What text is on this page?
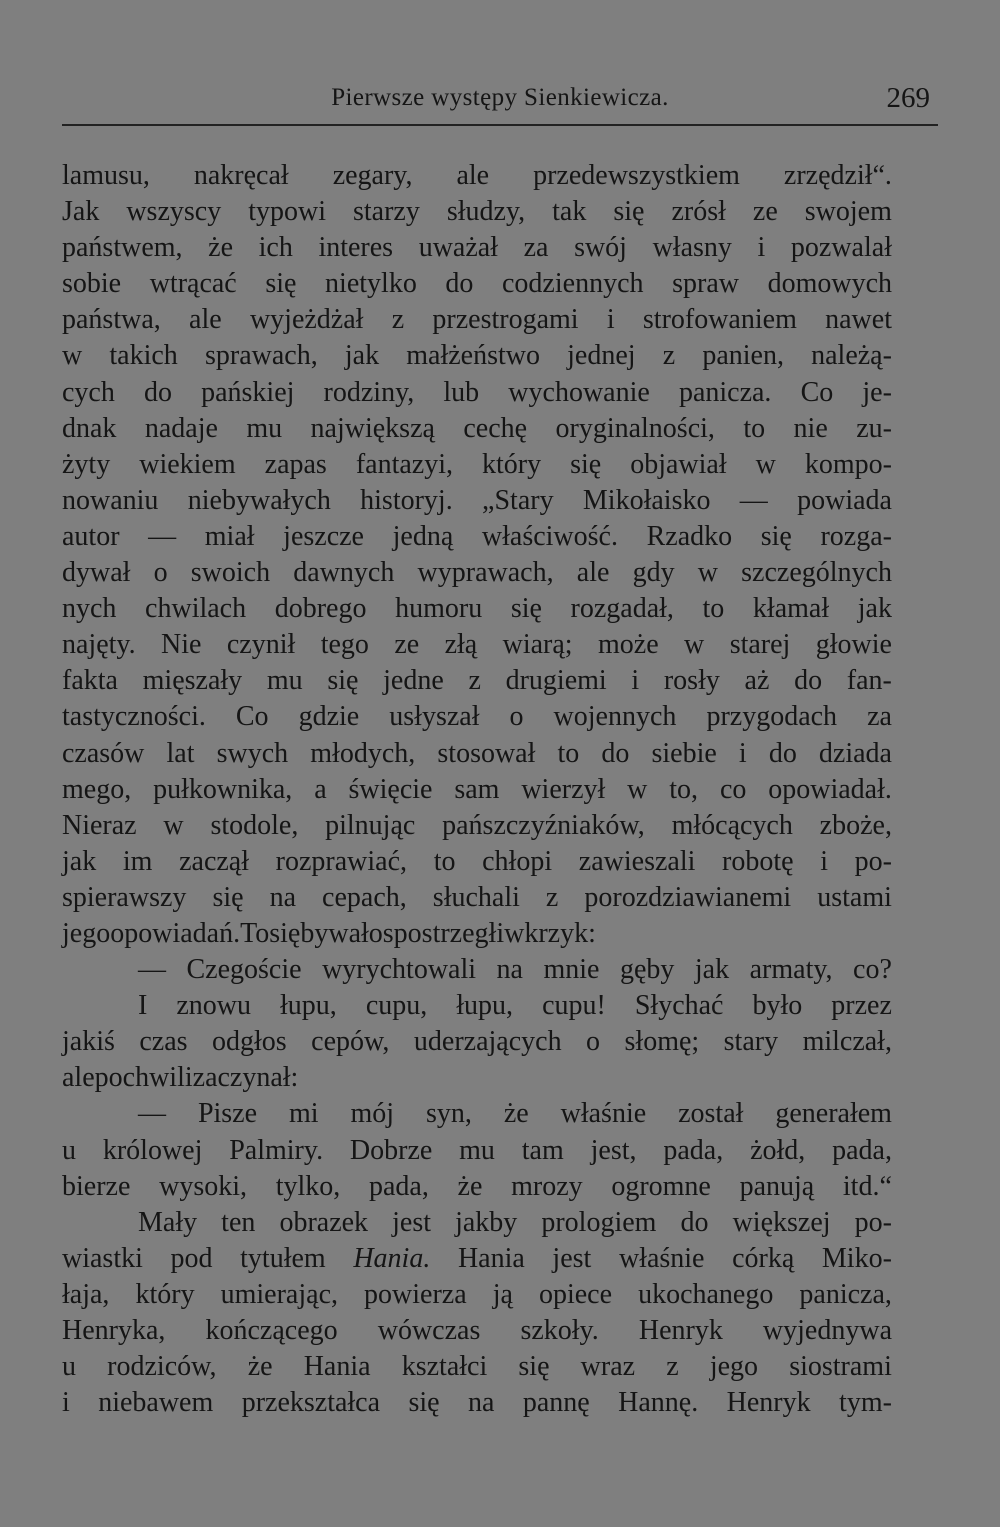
Pierwsze występy Sienkiewicza.	269
lamusu, nakręcał zegary, ale przedewszystkiem zrzędził“.
Jak wszyscy typowi starzy słudzy, tak się zrósł ze swojem
państwem, że ich interes uważał za swój własny i pozwalał
sobie wtrącać się nietylko do codziennych spraw domowych
państwa, ale wyjeżdżał z przestrogami i strofowaniem nawet
w takich sprawach, jak małżeństwo jednej z panien, należą-
cych do pańskiej rodziny, lub wychowanie panicza. Co je-
dnak nadaje mu największą cechę oryginalności, to nie zu-
żyty wiekiem zapas fantazyi, który się objawiał w kompo-
nowaniu niebywałych historyj. „Stary Mikołaisko — powiada
autor — miał jeszcze jedną właściwość. Rzadko się rozga-
dywał o swoich dawnych wyprawach, ale gdy w szczególnych
nych chwilach dobrego humoru się rozgadał, to kłamał jak
najęty. Nie czynił tego ze złą wiarą; może w starej głowie
fakta mięszały mu się jedne z drugiemi i rosły aż do fan-
tastyczności. Co gdzie usłyszał o wojennych przygodach za
czasów lat swych młodych, stosował to do siebie i do dziada
mego, pułkownika, a święcie sam wierzył w to, co opowiadał.
Nieraz w stodole, pilnując pańszczyźniaków, młócących zboże,
jak im zaczął rozprawiać, to chłopi zawieszali robotę i po-
spierawszy się na cepach, słuchali z porozdziawianemi ustami
jego opowiadań. To się bywało spostrzegł i w krzyk:
— Czegoście wyrychtowali na mnie gęby jak armaty, co?
I znowu łupu, cupu, łupu, cupu! Słychać było przez
jakiś czas odgłos cepów, uderzających o słomę; stary milczał,
ale po chwili zaczynał:
— Pisze mi mój syn, że właśnie został generałem
u królowej Palmiry. Dobrze mu tam jest, pada, żołd, pada,
bierze wysoki, tylko, pada, że mrozy ogromne panują itd.“
Mały ten obrazek jest jakby prologiem do większej po-
wiastki pod tytułem Hania. Hania jest właśnie córką Miko-
łaja, który umierając, powierza ją opiece ukochanego panicza,
Henryka, kończącego wówczas szkoły. Henryk wyjednywa
u rodziców, że Hania kształci się wraz z jego siostrami
i niebawem przekształca się na pannę Hannę. Henryk tym-
